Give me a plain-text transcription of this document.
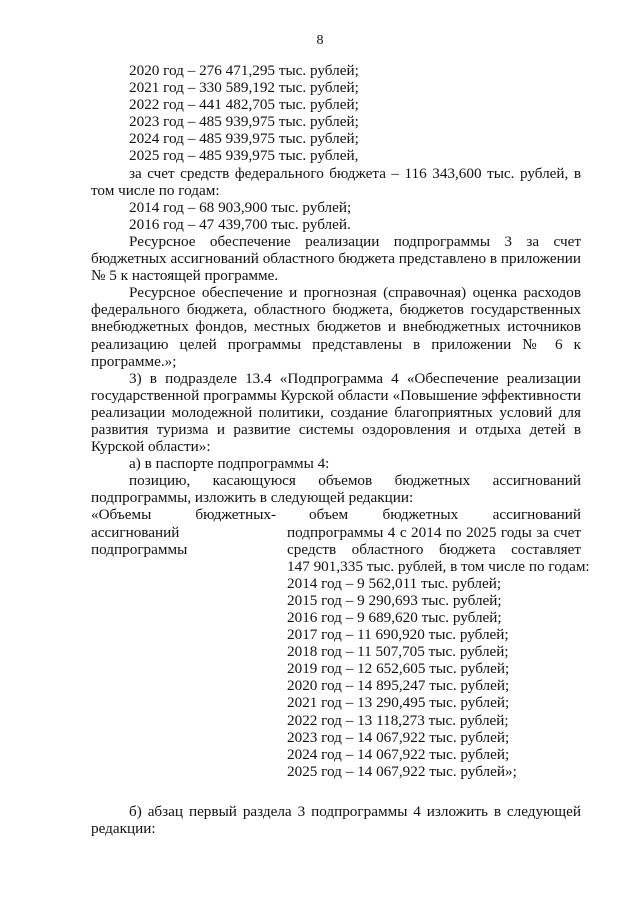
8
2020 год – 276 471,295 тыс. рублей;
2021 год – 330 589,192 тыс. рублей;
2022 год – 441 482,705 тыс. рублей;
2023 год – 485 939,975 тыс. рублей;
2024 год – 485 939,975 тыс. рублей;
2025 год – 485 939,975 тыс. рублей,
за счет средств федерального бюджета – 116 343,600 тыс. рублей, в
том числе по годам:
2014 год – 68 903,900 тыс. рублей;
2016 год – 47 439,700 тыс. рублей.
Ресурсное обеспечение реализации подпрограммы 3 за счет
бюджетных ассигнований областного бюджета представлено в приложении
№ 5 к настоящей программе.
Ресурсное обеспечение и прогнозная (справочная) оценка расходов
федерального бюджета, областного бюджета, бюджетов государственных
внебюджетных фондов, местных бюджетов и внебюджетных источников
реализацию целей программы представлены в приложении № 6 к
программе.»;
3) в подразделе 13.4 «Подпрограмма 4 «Обеспечение реализации
государственной программы Курской области «Повышение эффективности
реализации молодежной политики, создание благоприятных условий для
развития туризма и развитие системы оздоровления и отдыха детей в
Курской области»:
а) в паспорте подпрограммы 4:
позицию, касающуюся объемов бюджетных ассигнований
подпрограммы, изложить в следующей редакции:
«Объемы бюджетных
ассигнований
подпрограммы
-	объем бюджетных ассигнований
подпрограммы 4 с 2014 по 2025 годы за счет
средств областного бюджета составляет
147 901,335 тыс. рублей, в том числе по годам:
2014 год – 9 562,011 тыс. рублей;
2015 год – 9 290,693 тыс. рублей;
2016 год – 9 689,620 тыс. рублей;
2017 год – 11 690,920 тыс. рублей;
2018 год – 11 507,705 тыс. рублей;
2019 год – 12 652,605 тыс. рублей;
2020 год – 14 895,247 тыс. рублей;
2021 год – 13 290,495 тыс. рублей;
2022 год – 13 118,273 тыс. рублей;
2023 год – 14 067,922 тыс. рублей;
2024 год – 14 067,922 тыс. рублей;
2025 год – 14 067,922 тыс. рублей»;
б) абзац первый раздела 3 подпрограммы 4 изложить в следующей
редакции:
